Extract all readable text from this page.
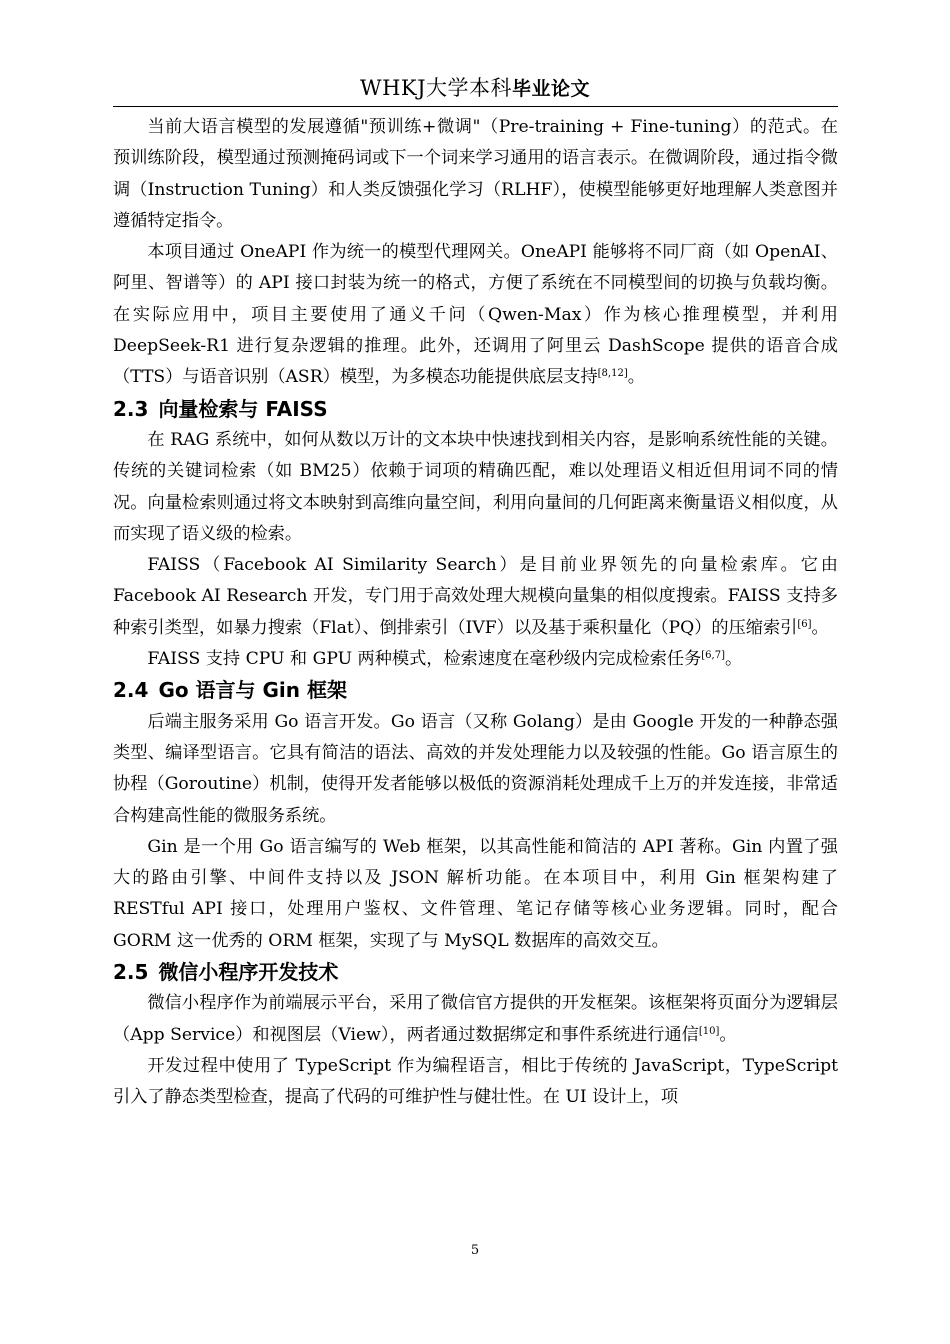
WHKJ大学本科毕业论文

当前大语言模型的发展遵循"预训练+微调"（Pre-training + Fine-tuning）的范式。在预训练阶段，模型通过预测掩码词或下一个词来学习通用的语言表示。在微调阶段，通过指令微调（Instruction Tuning）和人类反馈强化学习（RLHF），使模型能够更好地理解人类意图并遵循特定指令。

本项目通过 OneAPI 作为统一的模型代理网关。OneAPI 能够将不同厂商（如 OpenAI、阿里、智谱等）的 API 接口封装为统一的格式，方便了系统在不同模型间的切换与负载均衡。在实际应用中，项目主要使用了通义千问（Qwen-Max）作为核心推理模型，并利用 DeepSeek-R1 进行复杂逻辑的推理。此外，还调用了阿里云 DashScope 提供的语音合成（TTS）与语音识别（ASR）模型，为多模态功能提供底层支持[8,12]。

2.3 向量检索与 FAISS

在 RAG 系统中，如何从数以万计的文本块中快速找到相关内容，是影响系统性能的关键。传统的关键词检索（如 BM25）依赖于词项的精确匹配，难以处理语义相近但用词不同的情况。向量检索则通过将文本映射到高维向量空间，利用向量间的几何距离来衡量语义相似度，从而实现了语义级的检索。

FAISS（Facebook AI Similarity Search）是目前业界领先的向量检索库。它由 Facebook AI Research 开发，专门用于高效处理大规模向量集的相似度搜索。FAISS 支持多种索引类型，如暴力搜索（Flat）、倒排索引（IVF）以及基于乘积量化（PQ）的压缩索引[6]。

FAISS 支持 CPU 和 GPU 两种模式，检索速度在毫秒级内完成检索任务[6,7]。

2.4 Go 语言与 Gin 框架

后端主服务采用 Go 语言开发。Go 语言（又称 Golang）是由 Google 开发的一种静态强类型、编译型语言。它具有简洁的语法、高效的并发处理能力以及较强的性能。Go 语言原生的协程（Goroutine）机制，使得开发者能够以极低的资源消耗处理成千上万的并发连接，非常适合构建高性能的微服务系统。

Gin 是一个用 Go 语言编写的 Web 框架，以其高性能和简洁的 API 著称。Gin 内置了强大的路由引擎、中间件支持以及 JSON 解析功能。在本项目中，利用 Gin 框架构建了 RESTful API 接口，处理用户鉴权、文件管理、笔记存储等核心业务逻辑。同时，配合 GORM 这一优秀的 ORM 框架，实现了与 MySQL 数据库的高效交互。

2.5 微信小程序开发技术

微信小程序作为前端展示平台，采用了微信官方提供的开发框架。该框架将页面分为逻辑层（App Service）和视图层（View），两者通过数据绑定和事件系统进行通信[10]。

开发过程中使用了 TypeScript 作为编程语言，相比于传统的 JavaScript，TypeScript 引入了静态类型检查，提高了代码的可维护性与健壮性。在 UI 设计上，项

5
